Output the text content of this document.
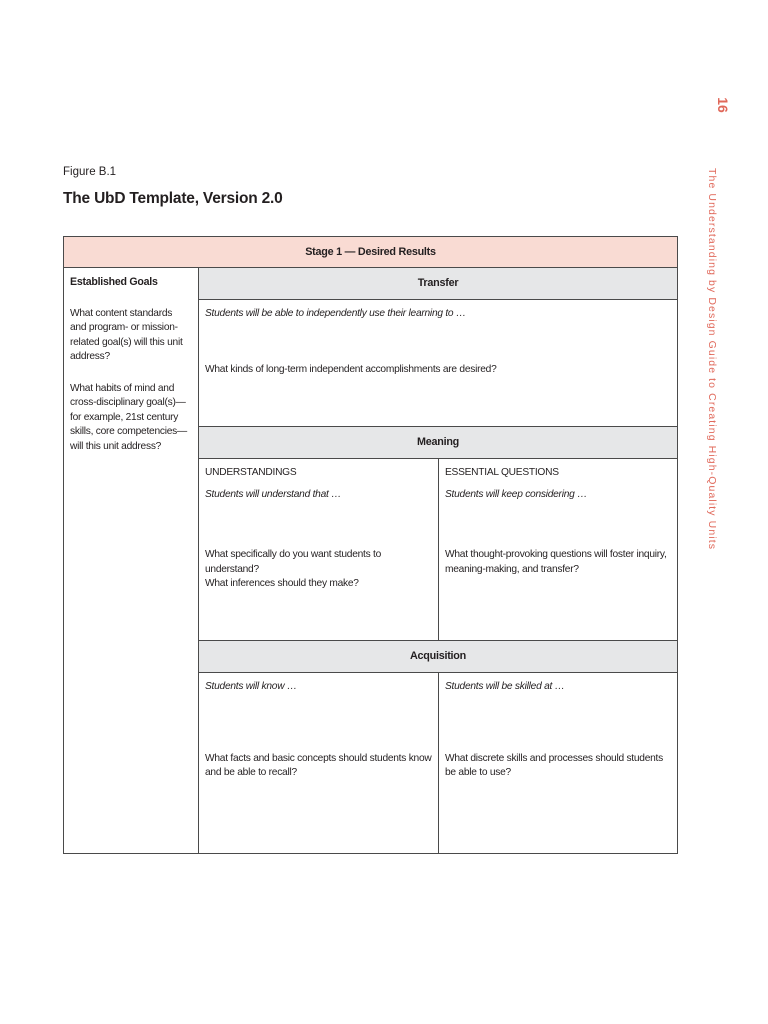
Figure B.1
The UbD Template, Version 2.0
16
The Understanding by Design Guide to Creating High-Quality Units
Stage 1 — Desired Results

Established Goals

What content standards and program- or mission-related goal(s) will this unit address?

What habits of mind and cross-disciplinary goal(s)—for example, 21st century skills, core competencies—will this unit address?

Transfer

Students will be able to independently use their learning to …

What kinds of long-term independent accomplishments are desired?

Meaning

UNDERSTANDINGS

Students will understand that …

What specifically do you want students to understand?

What inferences should they make?

ESSENTIAL QUESTIONS

Students will keep considering …

What thought-provoking questions will foster inquiry, meaning-making, and transfer?

Acquisition

Students will know …

What facts and basic concepts should students know and be able to recall?

Students will be skilled at …

What discrete skills and processes should students be able to use?
